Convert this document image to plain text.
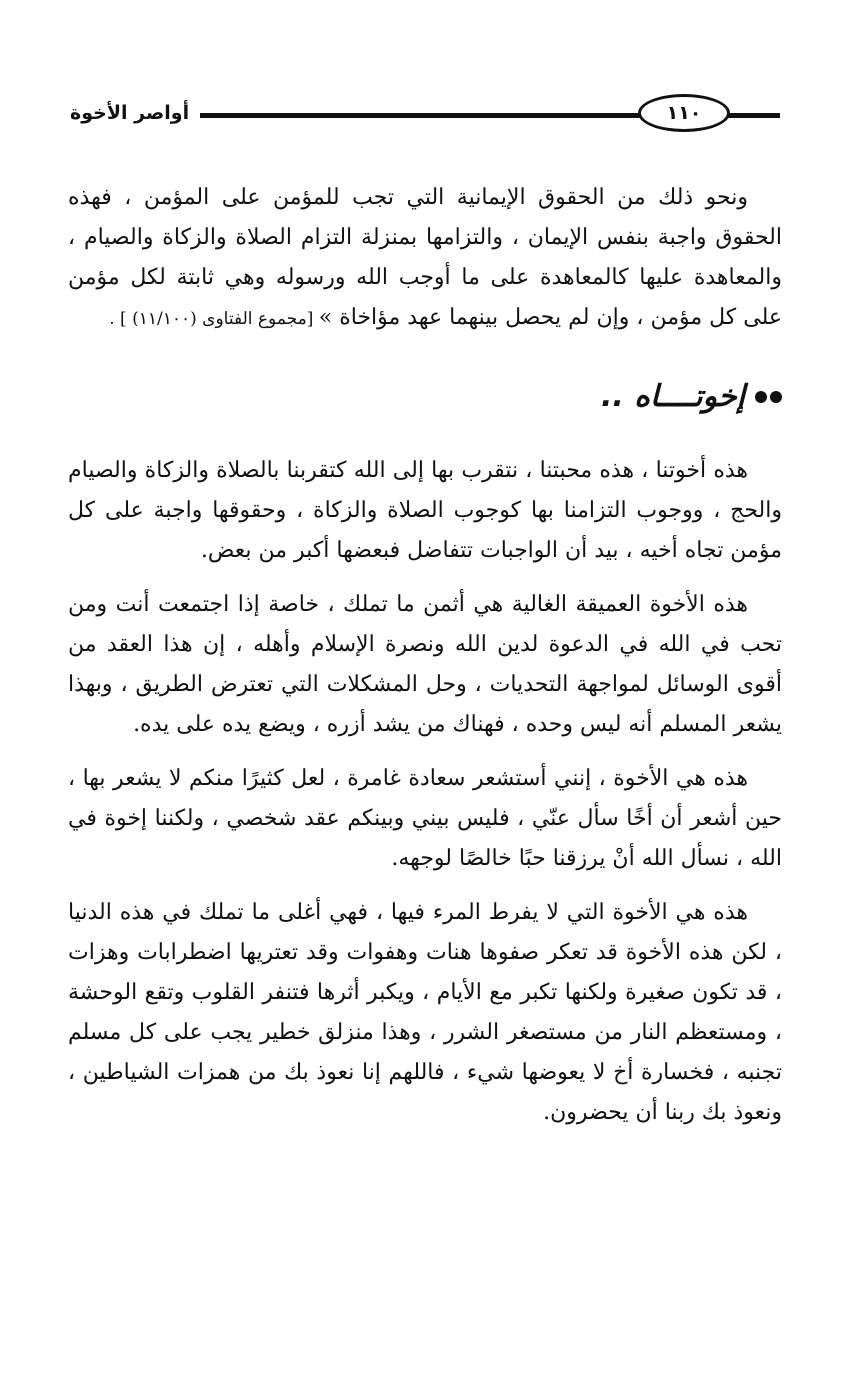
١١٠
أواصر الأخوة

ونحو ذلك من الحقوق الإيمانية التي تجب للمؤمن على المؤمن ، فهذه الحقوق واجبة بنفس الإيمان ، والتزامها بمنزلة التزام الصلاة والزكاة والصيام ، والمعاهدة عليها كالمعاهدة على ما أوجب الله ورسوله وهي ثابتة لكل مؤمن على كل مؤمن ، وإن لم يحصل بينهما عهد مؤاخاة » [مجموع الفتاوى (١١/١٠٠) ] .

إخوتــــاه ..

هذه أخوتنا ، هذه محبتنا ، نتقرب بها إلى الله كتقربنا بالصلاة والزكاة والصيام والحج ، ووجوب التزامنا بها كوجوب الصلاة والزكاة ، وحقوقها واجبة على كل مؤمن تجاه أخيه ، بيد أن الواجبات تتفاضل فبعضها أكبر من بعض.

هذه الأخوة العميقة الغالية هي أثمن ما تملك ، خاصة إذا اجتمعت أنت ومن تحب في الله في الدعوة لدين الله ونصرة الإسلام وأهله ، إن هذا العقد من أقوى الوسائل لمواجهة التحديات ، وحل المشكلات التي تعترض الطريق ، وبهذا يشعر المسلم أنه ليس وحده ، فهناك من يشد أزره ، ويضع يده على يده.

هذه هي الأخوة ، إنني أستشعر سعادة غامرة ، لعل كثيرًا منكم لا يشعر بها ، حين أشعر أن أخًا سأل عنّي ، فليس بيني وبينكم عقد شخصي ، ولكننا إخوة في الله ، نسأل الله أنْ يرزقنا حبًا خالصًا لوجهه.

هذه هي الأخوة التي لا يفرط المرء فيها ، فهي أغلى ما تملك في هذه الدنيا ، لكن هذه الأخوة قد تعكر صفوها هنات وهفوات وقد تعتريها اضطرابات وهزات ، قد تكون صغيرة ولكنها تكبر مع الأيام ، ويكبر أثرها فتنفر القلوب وتقع الوحشة ، ومستعظم النار من مستصغر الشرر ، وهذا منزلق خطير يجب على كل مسلم تجنبه ، فخسارة أخ لا يعوضها شيء ، فاللهم إنا نعوذ بك من همزات الشياطين ، ونعوذ بك ربنا أن يحضرون.
